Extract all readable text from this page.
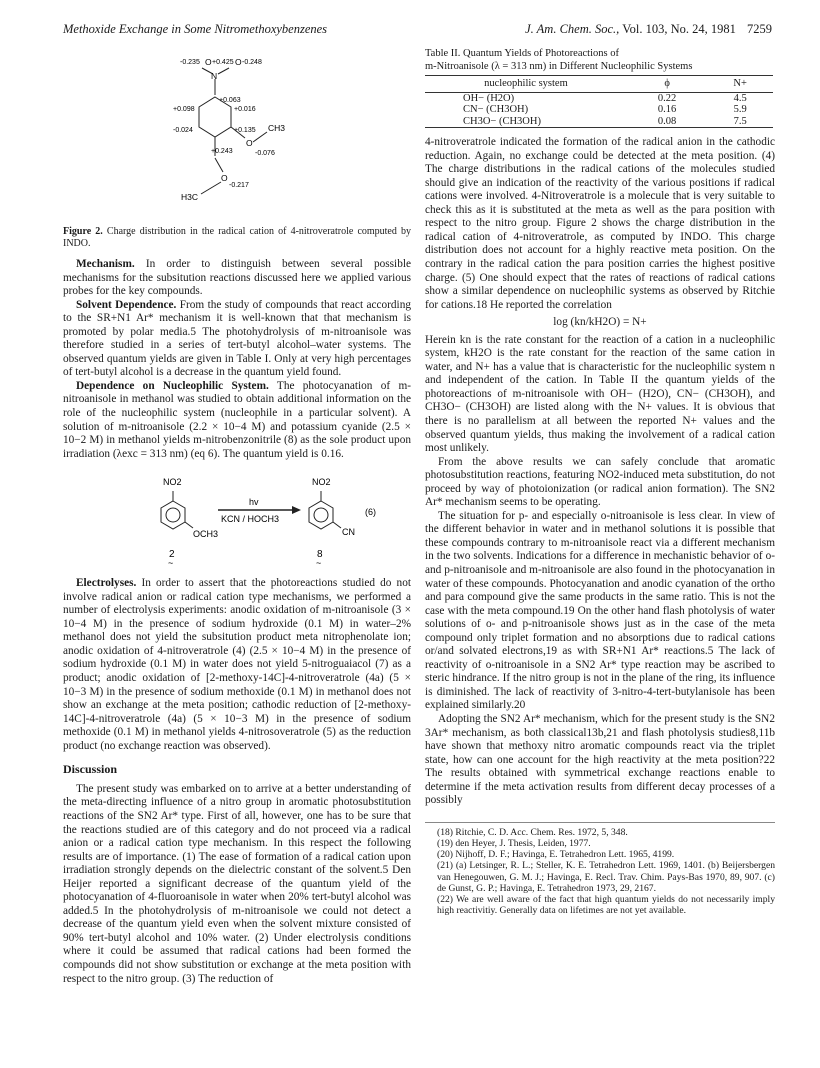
Methoxide Exchange in Some Nitromethoxybenzenes	J. Am. Chem. Soc., Vol. 103, No. 24, 1981 7259
-0.235 O +0.425 O -0.248
N
+0.063
+0.098	+0.016
-0.024	+0.135 CH3
O
-0.076
+0.243
O
-0.217
H3C

Figure 2. Charge distribution in the radical cation of 4-nitroveratrole computed by INDO.

Mechanism. In order to distinguish between several possible mechanisms for the subsitution reactions discussed here we applied various probes for the key compounds.

Solvent Dependence. From the study of compounds that react according to the SR+N1 Ar* mechanism it is well-known that that mechanism is promoted by polar media.5 The photohydrolysis of m-nitroanisole was therefore studied in a series of tert-butyl alcohol–water systems. The observed quantum yields are given in Table I. Only at very high percentages of tert-butyl alcohol is a decrease in the quantum yield found.

Dependence on Nucleophilic System. The photocyanation of m-nitroanisole in methanol was studied to obtain additional information on the role of the nucleophilic system (nucleophile in a particular solvent). A solution of m-nitroanisole (2.2 × 10−4 M) and potassium cyanide (2.5 × 10−2 M) in methanol yields m-nitrobenzonitrile (8) as the sole product upon irradiation (λexc = 313 nm) (eq 6). The quantum yield is 0.16.

NO2	NO2
OCH3	CN
hv
KCN / HOCH3
(6)
2	8
~	~

Electrolyses. In order to assert that the photoreactions studied do not involve radical anion or radical cation type mechanisms, we performed a number of electrolysis experiments: anodic oxidation of m-nitroanisole (3 × 10−4 M) in the presence of sodium hydroxide (0.1 M) in water–2% methanol does not yield the subsitution product meta nitrophenolate ion; anodic oxidation of 4-nitroveratrole (4) (2.5 × 10−4 M) in the presence of sodium hydroxide (0.1 M) in water does not yield 5-nitroguaiacol (7) as a product; anodic oxidation of [2-methoxy-14C]-4-nitroveratrole (4a) (5 × 10−3 M) in the presence of sodium methoxide (0.1 M) in methanol does not show an exchange at the meta position; cathodic reduction of [2-methoxy-14C]-4-nitroveratrole (4a) (5 × 10−3 M) in the presence of sodium methoxide (0.1 M) in methanol yields 4-nitrosoveratrole (5) as the reduction product (no exchange reaction was observed).

Discussion

The present study was embarked on to arrive at a better understanding of the meta-directing influence of a nitro group in aromatic photosubstitution reactions of the SN2 Ar* type. First of all, however, one has to be sure that the reactions studied are of this category and do not proceed via a radical anion or a radical cation type mechanism. In this respect the following results are of importance. (1) The ease of formation of a radical cation upon irradiation strongly depends on the dielectric constant of the solvent.5 Den Heijer reported a significant decrease of the quantum yield of the photocyanation of 4-fluoroanisole in water when 20% tert-butyl alcohol was added.5 In the photohydrolysis of m-nitroanisole we could not detect a decrease of the quantum yield even when the solvent mixture consisted of 90% tert-butyl alcohol and 10% water. (2) Under electrolysis conditions where it could be assumed that radical cations had been formed the compounds did not show substitution or exchange at the meta position with respect to the nitro group. (3) The reduction of

Table II. Quantum Yields of Photoreactions of

m-Nitroanisole (λ = 313 nm) in Different Nucleophilic Systems

nucleophilic system	ϕ	N+
OH− (H2O)	0.22	4.5
CN− (CH3OH)	0.16	5.9
CH3O− (CH3OH)	0.08	7.5

4-nitroveratrole indicated the formation of the radical anion in the cathodic reduction. Again, no exchange could be detected at the meta position. (4) The charge distributions in the radical cations of the molecules studied should give an indication of the reactivity of the various positions if radical cations were involved. 4-Nitroveratrole is a molecule that is very suitable to check this as it is substituted at the meta as well as the para position with respect to the nitro group. Figure 2 shows the charge distribution in the radical cation of 4-nitroveratrole, as computed by INDO. This charge distribution does not account for a highly reactive meta position. On the contrary in the radical cation the para position carries the highest positive charge. (5) One should expect that the rates of reactions of radical cations show a similar dependence on nucleophilic systems as observed by Ritchie for cations.18 He reported the correlation

log (kn/kH2O) = N+

Herein kn is the rate constant for the reaction of a cation in a nucleophilic system, kH2O is the rate constant for the reaction of the same cation in water, and N+ has a value that is characteristic for the nucleophilic system n and independent of the cation. In Table II the quantum yields of the photoreactions of m-nitroanisole with OH− (H2O), CN− (CH3OH), and CH3O− (CH3OH) are listed along with the N+ values. It is obvious that there is no parallelism at all between the reported N+ values and the observed quantum yields, thus making the involvement of a radical cation most unlikely.

From the above results we can safely conclude that aromatic photosubstitution reactions, featuring NO2-induced meta substitution, do not proceed by way of photoionization (or radical anion formation). The SN2 Ar* mechanism seems to be operating.

The situation for p- and especially o-nitroanisole is less clear. In view of the different behavior in water and in methanol solutions it is possible that these compounds contrary to m-nitroanisole react via a different mechanism in the two solvents. Indications for a difference in mechanistic behavior of o- and p-nitroanisole and m-nitroanisole are also found in the photocyanation in water of these compounds. Photocyanation and anodic cyanation of the ortho and para compound give the same products in the same ratio. This is not the case with the meta compound.19 On the other hand flash photolysis of water solutions of o- and p-nitroanisole shows just as in the case of the meta compound only triplet formation and no absorptions due to radical cations or/and solvated electrons,19 as with SR+N1 Ar* reactions.5 The lack of reactivity of o-nitroanisole in a SN2 Ar* type reaction may be ascribed to steric hindrance. If the nitro group is not in the plane of the ring, its influence is diminished. The lack of reactivity of 3-nitro-4-tert-butylanisole has been explained similarly.20

Adopting the SN2 Ar* mechanism, which for the present study is the SN2 3Ar* mechanism, as both classical13b,21 and flash photolysis studies8,11b have shown that methoxy nitro aromatic compounds react via the triplet state, how can one account for the high reactivity at the meta position?22 The results obtained with symmetrical exchange reactions enable to determine if the meta activation results from different decay processes of a possibly

(18) Ritchie, C. D. Acc. Chem. Res. 1972, 5, 348.
(19) den Heyer, J. Thesis, Leiden, 1977.
(20) Nijhoff, D. F.; Havinga, E. Tetrahedron Lett. 1965, 4199.
(21) (a) Letsinger, R. L.; Steller, K. E. Tetrahedron Lett. 1969, 1401. (b) Beijersbergen van Henegouwen, G. M. J.; Havinga, E. Recl. Trav. Chim. Pays-Bas 1970, 89, 907. (c) de Gunst, G. P.; Havinga, E. Tetrahedron 1973, 29, 2167.
(22) We are well aware of the fact that high quantum yields do not necessarily imply high reactivitiy. Generally data on lifetimes are not yet available.
